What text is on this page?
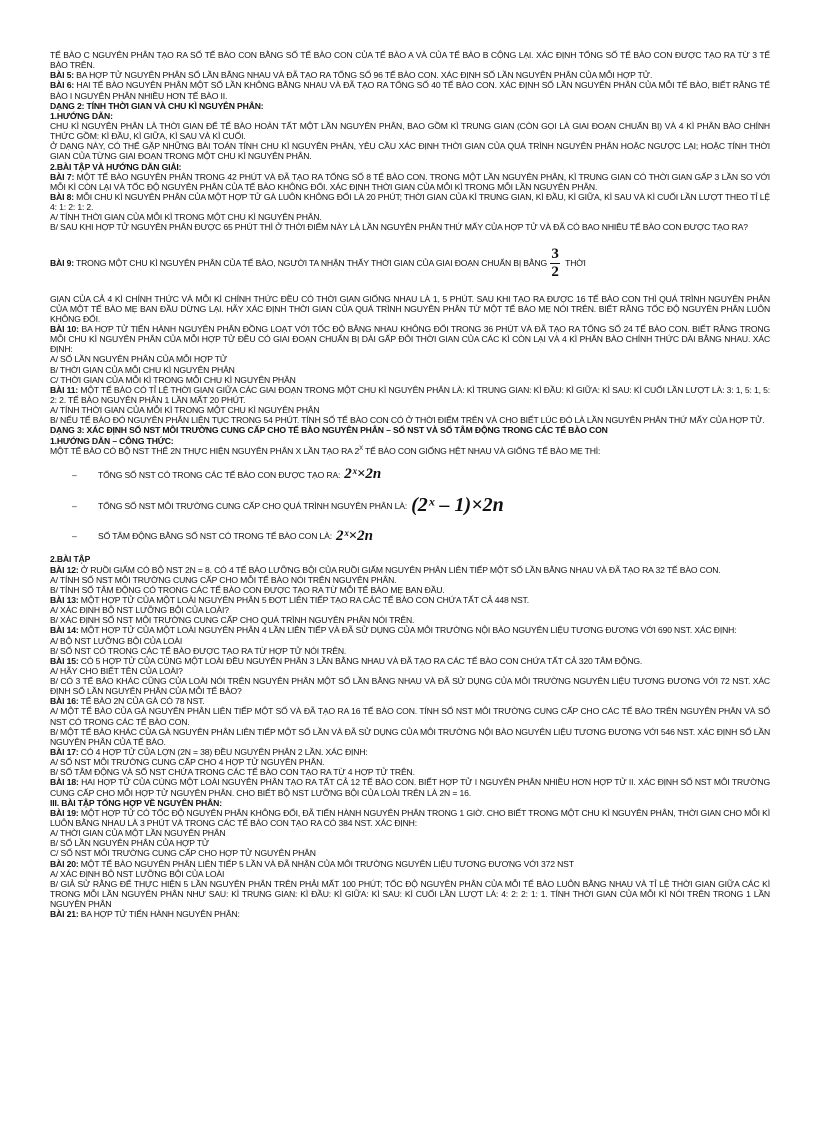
TẾ BÀO C NGUYÊN PHÂN TẠO RA SỐ TẾ BÀO CON BẰNG SỐ TẾ BÀO CON CỦA TẾ BÀO A VÀ CỦA TẾ BÀO B CỘNG LẠI. XÁC ĐỊNH TỔNG SỐ TẾ BÀO CON ĐƯỢC TẠO RA TỪ 3 TẾ BÀO TRÊN.

BÀI 5: BA HỢP TỬ NGUYÊN PHÂN SỐ LẦN BẰNG NHAU VÀ ĐÃ TẠO RA TỔNG SỐ 96 TẾ BÀO CON. XÁC ĐỊNH SỐ LẦN NGUYÊN PHÂN CỦA MỖI HỢP TỬ.

BÀI 6: HAI TẾ BÀO NGUYÊN PHÂN MỘT SỐ LẦN KHÔNG BẰNG NHAU VÀ ĐÃ TẠO RA TỔNG SỐ 40 TẾ BÀO CON. XÁC ĐỊNH SỐ LẦN NGUYÊN PHÂN CỦA MỖI TẾ BÀO, BIẾT RẰNG TẾ BÀO I NGUYÊN PHÂN NHIỀU HƠN TẾ BÀO II.

DẠNG 2: TÍNH THỜI GIAN VÀ CHU KÌ NGUYÊN PHÂN:

1.HƯỚNG DẪN:

CHU KÌ NGUYÊN PHÂN LÀ THỜI GIAN ĐỂ TẾ BÀO HOÀN TẤT MỘT LẦN NGUYÊN PHÂN, BAO GỒM KÌ TRUNG GIAN (CÒN GỌI LÀ GIAI ĐOẠN CHUẨN BỊ) VÀ 4 KÌ PHÂN BÀO CHÍNH THỨC GỒM: KÌ ĐẦU, KÌ GIỮA, KÌ SAU VÀ KÌ CUỐI.

Ở DẠNG NÀY, CÓ THỂ GẶP NHỮNG BÀI TOÁN TÍNH CHU KÌ NGUYÊN PHÂN, YÊU CẦU XÁC ĐỊNH THỜI GIAN CỦA QUÁ TRÌNH NGUYÊN PHÂN HOẶC NGƯỢC LẠI; HOẶC TÍNH THỜI GIAN CỦA TỪNG GIAI ĐOẠN TRONG MỘT CHU KÌ NGUYÊN PHÂN.

2.BÀI TẬP VÀ HƯỚNG DẪN GIẢI:

BÀI 7: MỘT TẾ BÀO NGUYÊN PHÂN TRONG 42 PHÚT VÀ ĐÃ TẠO RA TỔNG SỐ 8 TẾ BÀO CON. TRONG MỘT LẦN NGUYÊN PHÂN, KÌ TRUNG GIAN CÓ THỜI GIAN GẤP 3 LẦN SO VỚI MỖI KÌ CÒN LẠI VÀ TỐC ĐỘ NGUYÊN PHÂN CỦA TẾ BÀO KHÔNG ĐỔI. XÁC ĐỊNH THỜI GIAN CỦA MỖI KÌ TRONG MỖI LẦN NGUYÊN PHÂN.

BÀI 8: MỖI CHU KÌ NGUYÊN PHÂN CỦA MỘT HỢP TỬ GÀ LUÔN KHÔNG ĐỔI LÀ 20 PHÚT; THỜI GIAN CỦA KÌ TRUNG GIAN, KÌ ĐẦU, KÌ GIỮA, KÌ SAU VÀ KÌ CUỐI LẦN LƯỢT THEO TỈ LỆ 4: 1: 2: 1: 2.

A/ TÍNH THỜI GIAN CỦA MỖI KÌ TRONG MỘT CHU KÌ NGUYÊN PHÂN.

B/ SAU KHI HỢP TỬ NGUYÊN PHÂN ĐƯỢC 65 PHÚT THÌ Ở THỜI ĐIỂM NÀY LÀ LẦN NGUYÊN PHÂN THỨ MẤY CỦA HỢP TỬ VÀ ĐÃ CÓ BAO NHIÊU TẾ BÀO CON ĐƯỢC TẠO RA?

BÀI 9: TRONG MỘT CHU KÌ NGUYÊN PHÂN CỦA TẾ BÀO, NGƯỜI TA NHẬN THẤY THỜI GIAN CỦA GIAI ĐOẠN CHUẨN BỊ BẰNG $\frac{3}{2}$ THỜI

GIAN CỦA CẢ 4 KÌ CHÍNH THỨC VÀ MỖI KÌ CHÍNH THỨC ĐỀU CÓ THỜI GIAN GIỐNG NHAU LÀ 1, 5 PHÚT. SAU KHI TẠO RA ĐƯỢC 16 TẾ BÀO CON THÌ QUÁ TRÌNH NGUYÊN PHÂN CỦA MỘT TẾ BÀO MẸ BAN ĐẦU DỪNG LẠI. HÃY XÁC ĐỊNH THỜI GIAN CỦA QUÁ TRÌNH NGUYÊN PHÂN TỪ MỘT TẾ BÀO MẸ NÓI TRÊN. BIẾT RẰNG TỐC ĐỘ NGUYÊN PHÂN LUÔN KHÔNG ĐỔI.

BÀI 10: BA HỢP TỬ TIẾN HÀNH NGUYÊN PHÂN ĐỒNG LOẠT VỚI TỐC ĐỘ BẰNG NHAU KHÔNG ĐỔI TRONG 36 PHÚT VÀ ĐÃ TẠO RA TỔNG SỐ 24 TẾ BÀO CON. BIẾT RẰNG TRONG MỖI CHU KÌ NGUYÊN PHÂN CỦA MỖI HỢP TỬ ĐỀU CÓ GIAI ĐOẠN CHUẨN BỊ DÀI GẤP ĐÔI THỜI GIAN CỦA CÁC KÌ CÒN LẠI VÀ 4 KÌ PHÂN BÀO CHÍNH THỨC DÀI BẰNG NHAU. XÁC ĐỊNH:

A/ SỐ LẦN NGUYÊN PHÂN CỦA MỖI HỢP TỬ

B/ THỜI GIAN CỦA MỖI CHU KÌ NGUYÊN PHÂN

C/ THỜI GIAN CỦA MỖI KÌ TRONG MỖI CHU KÌ NGUYÊN PHÂN

BÀI 11: MỘT TẾ BÀO CÓ TỈ LỆ THỜI GIAN GIỮA CÁC GIAI ĐOẠN TRONG MỘT CHU KÌ NGUYÊN PHÂN LÀ: KÌ TRUNG GIAN: KÌ ĐẦU: KÌ GIỮA: KÌ SAU: KÌ CUỐI LẦN LƯỢT LÀ: 3: 1, 5: 1, 5: 2: 2. TẾ BÀO NGUYÊN PHÂN 1 LẦN MẤT 20 PHÚT.

A/ TÍNH THỜI GIAN CỦA MỖI KÌ TRONG MỘT CHU KÌ NGUYÊN PHÂN

B/ NẾU TẾ BÀO ĐÓ NGUYÊN PHÂN LIÊN TỤC TRONG 54 PHÚT. TÍNH SỐ TẾ BÀO CON CÓ Ở THỜI ĐIỂM TRÊN VÀ CHO BIẾT LÚC ĐÓ LÀ LẦN NGUYÊN PHÂN THỨ MẤY CỦA HỢP TỬ.

DẠNG 3: XÁC ĐỊNH SỐ NST MÔI TRƯỜNG CUNG CẤP CHO TẾ BÀO NGUYÊN PHÂN – SỐ NST VÀ SỐ TÂM ĐỘNG TRONG CÁC TẾ BÀO CON

1.HƯỚNG DẪN – CÔNG THỨC:

MỘT TẾ BÀO CÓ BỘ NST THỂ 2N THỰC HIỆN NGUYÊN PHÂN X LẦN TẠO RA $2^X$ TẾ BÀO CON GIỐNG HỆT NHAU VÀ GIỐNG TẾ BÀO MẸ THÌ:

–	TỔNG SỐ NST CÓ TRONG CÁC TẾ BÀO CON ĐƯỢC TẠO RA: 2ˣ×2n
–	TỔNG SỐ NST MÔI TRƯỜNG CUNG CẤP CHO QUÁ TRÌNH NGUYÊN PHÂN LÀ: (2ˣ – 1)×2n
–	SỐ TÂM ĐỘNG BẰNG SỐ NST CÓ TRONG TẾ BÀO CON LÀ: 2ˣ×2n

2.BÀI TẬP

BÀI 12: Ở RUỒI GIẤM CÓ BỘ NST 2N = 8. CÓ 4 TẾ BÀO LƯỠNG BỘI CỦA RUỒI GIẤM NGUYÊN PHÂN LIÊN TIẾP MỘT SỐ LẦN BẰNG NHAU VÀ ĐÃ TẠO RA 32 TẾ BÀO CON.

A/ TÍNH SỐ NST MÔI TRƯỜNG CUNG CẤP CHO MỖI TẾ BÀO NÓI TRÊN NGUYÊN PHÂN.

B/ TÍNH SỐ TÂM ĐỘNG CÓ TRONG CÁC TẾ BÀO CON ĐƯỢC TẠO RA TỪ MỖI TẾ BÀO MẸ BAN ĐẦU.

BÀI 13: MỘT HỢP TỬ CỦA MỘT LOÀI NGUYÊN PHÂN 5 ĐỢT LIÊN TIẾP TẠO RA CÁC TẾ BÀO CON CHỨA TẤT CẢ 448 NST.

A/ XÁC ĐỊNH BỘ NST LƯỠNG BỘI CỦA LOÀI?

B/ XÁC ĐỊNH SỐ NST MÔI TRƯỜNG CUNG CẤP CHO QUÁ TRÌNH NGUYÊN PHÂN NÓI TRÊN.

BÀI 14: MỘT HỢP TỬ CỦA MỘT LOÀI NGUYÊN PHÂN 4 LẦN LIÊN TIẾP VÀ ĐÃ SỬ DỤNG CỦA MÔI TRƯỜNG NỘI BÀO NGUYÊN LIỆU TƯƠNG ĐƯƠNG VỚI 690 NST. XÁC ĐỊNH:

A/ BỘ NST LƯỠNG BỘI CỦA LOÀI

B/ SỐ NST CÓ TRONG CÁC TẾ BÀO ĐƯỢC TẠO RA TỪ HỢP TỬ NÓI TRÊN.

BÀI 15: CÓ 5 HỢP TỬ CỦA CÙNG MỘT LOÀI ĐỀU NGUYÊN PHÂN 3 LẦN BẰNG NHAU VÀ ĐÃ TẠO RA CÁC TẾ BÀO CON CHỨA TẤT CẢ 320 TÂM ĐỘNG.

A/ HÃY CHO BIẾT TÊN CỦA LOÀI?

B/ CÓ 3 TẾ BÀO KHÁC CŨNG CỦA LOÀI NÓI TRÊN NGUYÊN PHÂN MỘT SỐ LẦN BẰNG NHAU VÀ ĐÃ SỬ DỤNG CỦA MÔI TRƯỜNG NGUYÊN LIỆU TƯƠNG ĐƯƠNG VỚI 72 NST. XÁC ĐỊNH SỐ LẦN NGUYÊN PHÂN CỦA MỖI TẾ BÀO?

BÀI 16: TẾ BÀO 2N CỦA GÀ CÓ 78 NST.

A/ MỘT TẾ BÀO CỦA GÀ NGUYÊN PHÂN LIÊN TIẾP MỘT SỐ VÀ ĐÃ TẠO RA 16 TẾ BÀO CON. TÍNH SỐ NST MÔI TRƯỜNG CUNG CẤP CHO CÁC TẾ BÀO TRÊN NGUYÊN PHÂN VÀ SỐ NST CÓ TRONG CÁC TẾ BÀO CON.

B/ MỘT TẾ BÀO KHÁC CỦA GÀ NGUYÊN PHÂN LIÊN TIẾP MỘT SỐ LẦN VÀ ĐÃ SỬ DỤNG CỦA MÔI TRƯỜNG NỘI BÀO NGUYÊN LIỆU TƯƠNG ĐƯƠNG VỚI 546 NST. XÁC ĐỊNH SỐ LẦN NGUYÊN PHÂN CỦA TẾ BÀO.

BÀI 17: CÓ 4 HỢP TỬ CỦA LỢN (2N = 38) ĐỀU NGUYÊN PHÂN 2 LẦN. XÁC ĐỊNH:

A/ SỐ NST MÔI TRƯỜNG CUNG CẤP CHO 4 HỢP TỬ NGUYÊN PHÂN.

B/ SỐ TÂM ĐỘNG VÀ SỐ NST CHỨA TRONG CÁC TẾ BÀO CON TẠO RA TỪ 4 HỢP TỬ TRÊN.

BÀI 18: HAI HỢP TỬ CỦA CÙNG MỘT LOÀI NGUYÊN PHÂN TẠO RA TẤT CẢ 12 TẾ BÀO CON. BIẾT HỢP TỬ I NGUYÊN PHÂN NHIỀU HƠN HỢP TỬ II. XÁC ĐỊNH SỐ NST MÔI TRƯỜNG CUNG CẤP CHO MỖI HỢP TỬ NGUYÊN PHÂN. CHO BIẾT BỘ NST LƯỠNG BỘI CỦA LOÀI TRÊN LÀ 2N = 16.

III. BÀI TẬP TỔNG HỢP VỀ NGUYÊN PHÂN:

BÀI 19: MỘT HỢP TỬ CÓ TỐC ĐỘ NGUYÊN PHÂN KHÔNG ĐỔI, ĐÃ TIẾN HÀNH NGUYÊN PHÂN TRONG 1 GIỜ. CHO BIẾT TRONG MỘT CHU KÌ NGUYÊN PHÂN, THỜI GIAN CHO MỖI KÌ LUÔN BẰNG NHAU LÀ 3 PHÚT VÀ TRONG CÁC TẾ BÀO CON TẠO RA CÓ 384 NST. XÁC ĐỊNH:

A/ THỜI GIAN CỦA MỘT LẦN NGUYÊN PHÂN

B/ SỐ LẦN NGUYÊN PHÂN CỦA HỢP TỬ

C/ SỐ NST MÔI TRƯỜNG CUNG CẤP CHO HỢP TỬ NGUYÊN PHÂN

BÀI 20: MỘT TẾ BÀO NGUYÊN PHÂN LIÊN TIẾP 5 LẦN VÀ ĐÃ NHẬN CỦA MÔI TRƯỜNG NGUYÊN LIỆU TƯƠNG ĐƯƠNG VỚI 372 NST

A/ XÁC ĐỊNH BỘ NST LƯỠNG BỘI CỦA LOÀI

B/ GIẢ SỬ RẰNG ĐỂ THỰC HIỆN 5 LẦN NGUYÊN PHÂN TRÊN PHẢI MẤT 100 PHÚT; TỐC ĐỘ NGUYÊN PHÂN CỦA MỖI TẾ BÀO LUÔN BẰNG NHAU VÀ TỈ LỆ THỜI GIAN GIỮA CÁC KÌ TRONG MỖI LẦN NGUYÊN PHÂN NHƯ SAU: KÌ TRUNG GIAN: KÌ ĐẦU: KÌ GIỮA: KÌ SAU: KÌ CUỐI LẦN LƯỢT LÀ: 4: 2: 2: 1: 1. TÍNH THỜI GIAN CỦA MỖI KÌ NÓI TRÊN TRONG 1 LẦN NGUYÊN PHÂN

BÀI 21: BA HỢP TỬ TIẾN HÀNH NGUYÊN PHÂN:
